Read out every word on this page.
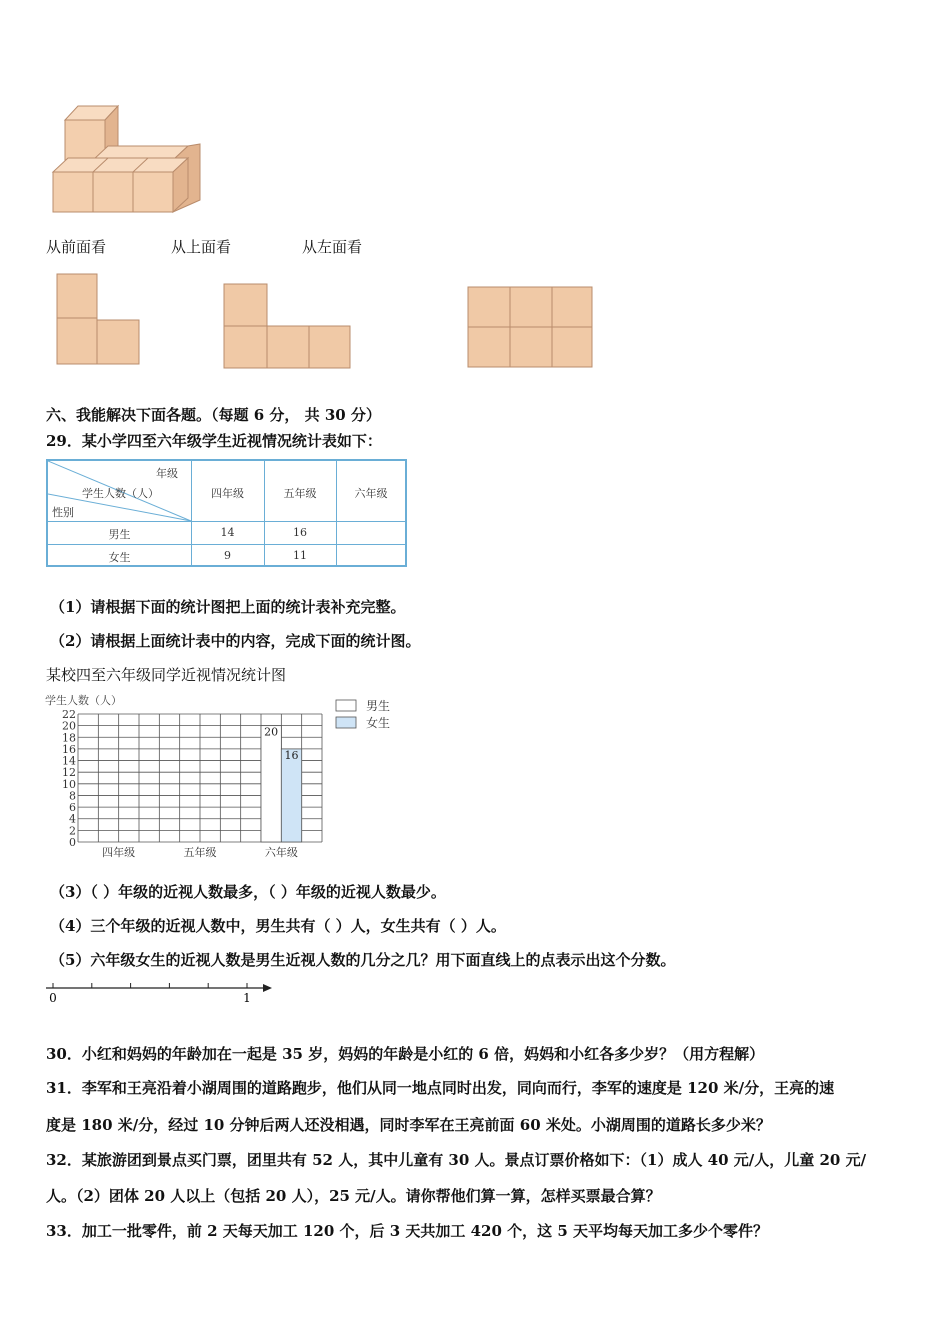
从前面看	从上面看	从左面看
六、我能解决下面各题。（每题 6 分， 共 30 分）
29．某小学四至六年级学生近视情况统计表如下：
年级
学生人数（人）
性别
四年级	五年级	六年级
男生	14	16
女生	9	11
（1）请根据下面的统计图把上面的统计表补充完整。
（2）请根据上面统计表中的内容，完成下面的统计图。
某校四至六年级同学近视情况统计图
学生人数（人）
0
2
4
6
8
10
12
14
16
18
20
22
20
16
四年级	五年级	六年级
男生
女生
（3）（ ）年级的近视人数最多，（ ）年级的近视人数最少。
（4）三个年级的近视人数中，男生共有（ ）人，女生共有（ ）人。
（5）六年级女生的近视人数是男生近视人数的几分之几？用下面直线上的点表示出这个分数。
0	1
30．小红和妈妈的年龄加在一起是 35 岁，妈妈的年龄是小红的 6 倍，妈妈和小红各多少岁？（用方程解）
31．李军和王亮沿着小湖周围的道路跑步，他们从同一地点同时出发，同向而行，李军的速度是 120 米/分，王亮的速
度是 180 米/分，经过 10 分钟后两人还没相遇，同时李军在王亮前面 60 米处。小湖周围的道路长多少米？
32．某旅游团到景点买门票，团里共有 52 人，其中儿童有 30 人。景点订票价格如下：（1）成人 40 元/人，儿童 20 元/
人。（2）团体 20 人以上（包括 20 人），25 元/人。请你帮他们算一算，怎样买票最合算？
33．加工一批零件，前 2 天每天加工 120 个，后 3 天共加工 420 个，这 5 天平均每天加工多少个零件？
